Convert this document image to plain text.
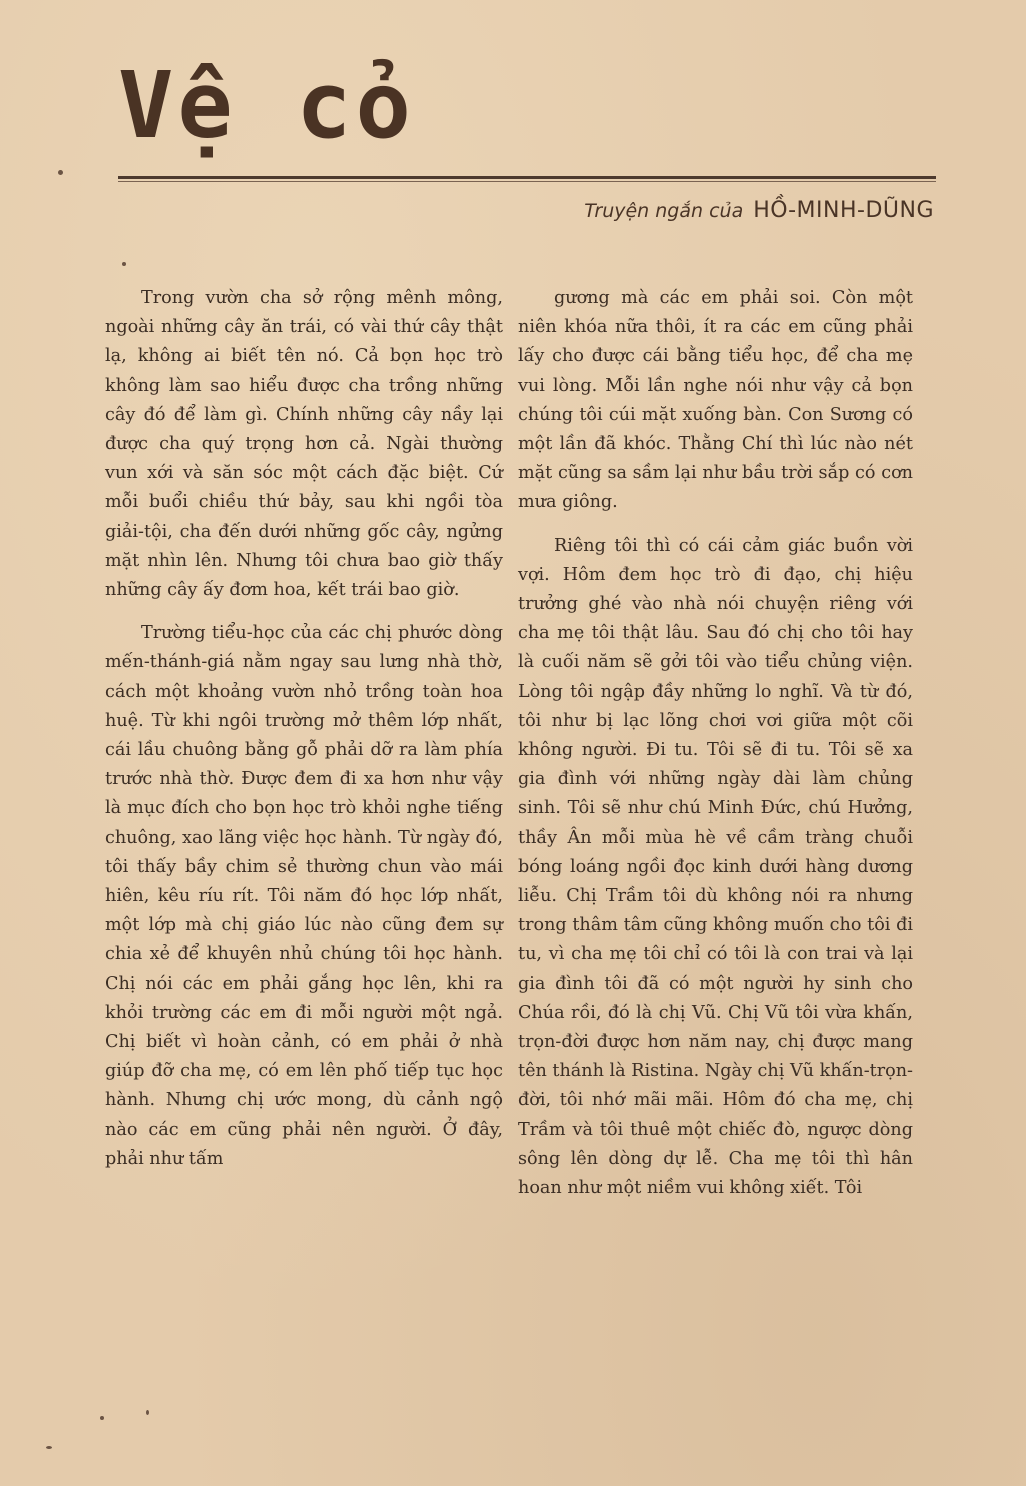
Vệ cỏ
Truyện ngắn của HỒ-MINH-DŨNG

Trong vườn cha sở rộng mênh mông, ngoài những cây ăn trái, có vài thứ cây thật lạ, không ai biết tên nó. Cả bọn học trò không làm sao hiểu được cha trồng những cây đó để làm gì. Chính những cây nầy lại được cha quý trọng hơn cả. Ngài thường vun xới và săn sóc một cách đặc biệt. Cứ mỗi buổi chiều thứ bảy, sau khi ngồi tòa giải-tội, cha đến dưới những gốc cây, ngửng mặt nhìn lên. Nhưng tôi chưa bao giờ thấy những cây ấy đơm hoa, kết trái bao giờ.

Trường tiểu-học của các chị phước dòng mến-thánh-giá nằm ngay sau lưng nhà thờ, cách một khoảng vườn nhỏ trồng toàn hoa huệ. Từ khi ngôi trường mở thêm lớp nhất, cái lầu chuông bằng gỗ phải dỡ ra làm phía trước nhà thờ. Được đem đi xa hơn như vậy là mục đích cho bọn học trò khỏi nghe tiếng chuông, xao lãng việc học hành. Từ ngày đó, tôi thấy bầy chim sẻ thường chun vào mái hiên, kêu ríu rít. Tôi năm đó học lớp nhất, một lớp mà chị giáo lúc nào cũng đem sự chia xẻ để khuyên nhủ chúng tôi học hành. Chị nói các em phải gắng học lên, khi ra khỏi trường các em đi mỗi người một ngả. Chị biết vì hoàn cảnh, có em phải ở nhà giúp đỡ cha mẹ, có em lên phố tiếp tục học hành. Nhưng chị ước mong, dù cảnh ngộ nào các em cũng phải nên người. Ở đây, phải như tấm

gương mà các em phải soi. Còn một niên khóa nữa thôi, ít ra các em cũng phải lấy cho được cái bằng tiểu học, để cha mẹ vui lòng. Mỗi lần nghe nói như vậy cả bọn chúng tôi cúi mặt xuống bàn. Con Sương có một lần đã khóc. Thằng Chí thì lúc nào nét mặt cũng sa sầm lại như bầu trời sắp có cơn mưa giông.

Riêng tôi thì có cái cảm giác buồn vời vợi. Hôm đem học trò đi đạo, chị hiệu trưởng ghé vào nhà nói chuyện riêng với cha mẹ tôi thật lâu. Sau đó chị cho tôi hay là cuối năm sẽ gởi tôi vào tiểu chủng viện. Lòng tôi ngập đầy những lo nghĩ. Và từ đó, tôi như bị lạc lõng chơi vơi giữa một cõi không người. Đi tu. Tôi sẽ đi tu. Tôi sẽ xa gia đình với những ngày dài làm chủng sinh. Tôi sẽ như chú Minh Đức, chú Hưởng, thầy Ân mỗi mùa hè về cầm tràng chuỗi bóng loáng ngồi đọc kinh dưới hàng dương liễu. Chị Trầm tôi dù không nói ra nhưng trong thâm tâm cũng không muốn cho tôi đi tu, vì cha mẹ tôi chỉ có tôi là con trai và lại gia đình tôi đã có một người hy sinh cho Chúa rồi, đó là chị Vũ. Chị Vũ tôi vừa khấn, trọn-đời được hơn năm nay, chị được mang tên thánh là Ristina. Ngày chị Vũ khấn-trọn-đời, tôi nhớ mãi mãi. Hôm đó cha mẹ, chị Trầm và tôi thuê một chiếc đò, ngược dòng sông lên dòng dự lễ. Cha mẹ tôi thì hân hoan như một niềm vui không xiết. Tôi
